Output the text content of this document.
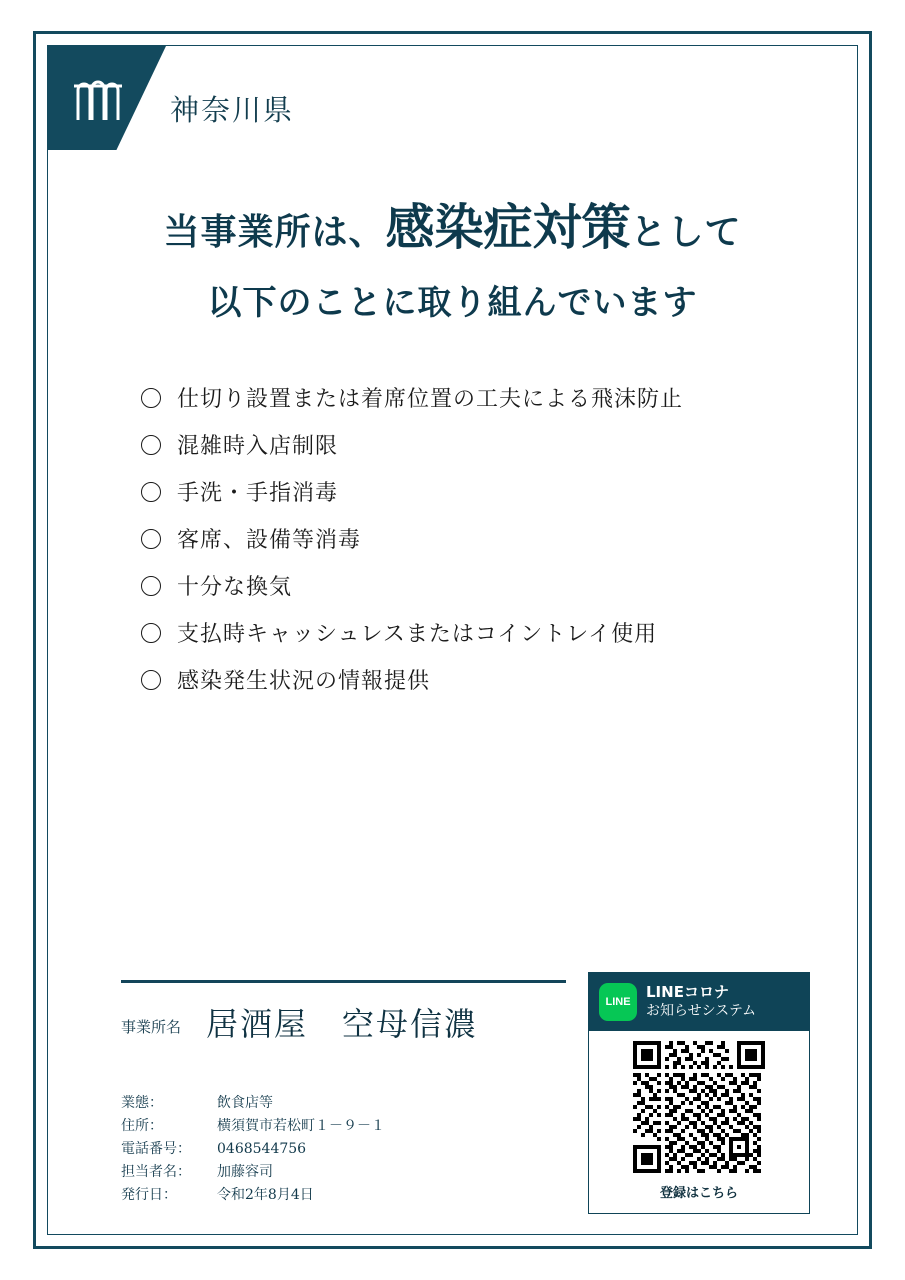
神奈川県
当事業所は、感染症対策として
以下のことに取り組んでいます
仕切り設置または着席位置の工夫による飛沫防止
混雑時入店制限
手洗・手指消毒
客席、設備等消毒
十分な換気
支払時キャッシュレスまたはコイントレイ使用
感染発生状況の情報提供
事業所名 居酒屋　空母信濃
業態：	飲食店等
住所：	横須賀市若松町１－９－１
電話番号：	0468544756
担当者名：	加藤容司
発行日：	令和2年8月4日
LINE
LINEコロナ
お知らせシステム
登録はこちら
